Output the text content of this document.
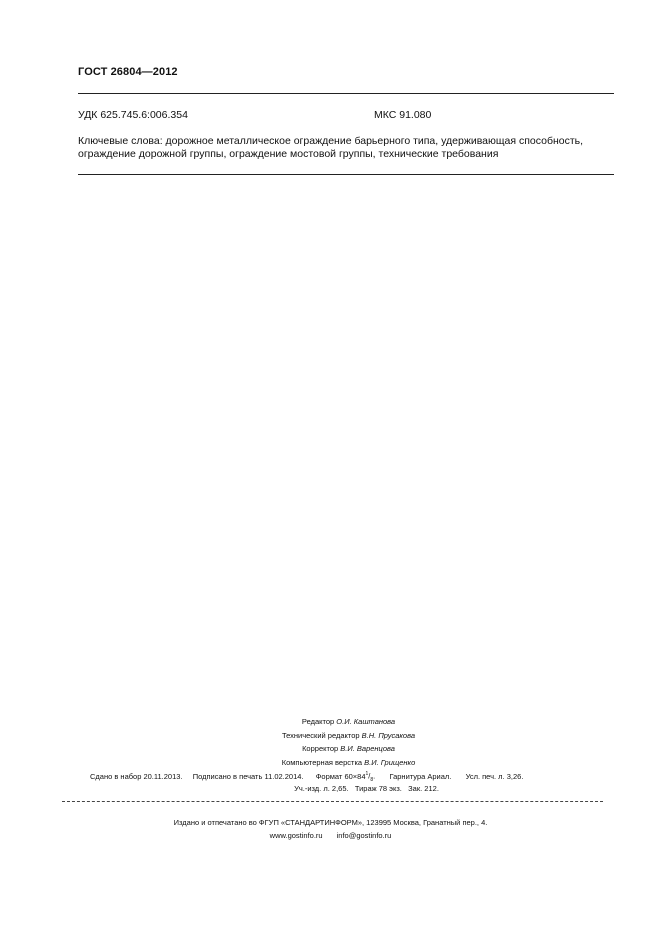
ГОСТ 26804—2012
УДК 625.745.6:006.354	МКС 91.080
Ключевые слова: дорожное металлическое ограждение барьерного типа, удерживающая способность,
ограждение дорожной группы, ограждение мостовой группы, технические требования
Редактор О.И. Каштанова
Технический редактор В.Н. Прусакова
Корректор В.И. Варенцова
Компьютерная верстка В.И. Грищенко
Сдано в набор 20.11.2013. Подписано в печать 11.02.2014. Формат $60\times 84^1/_8$. Гарнитура Ариал. Усл. печ. л. 3,26.
Уч.-изд. л. 2,65. Тираж 78 экз. Зак. 212.
Издано и отпечатано во ФГУП «СТАНДАРТИНФОРМ», 123995 Москва, Гранатный пер., 4.
www.gostinfo.ru info@gostinfo.ru
